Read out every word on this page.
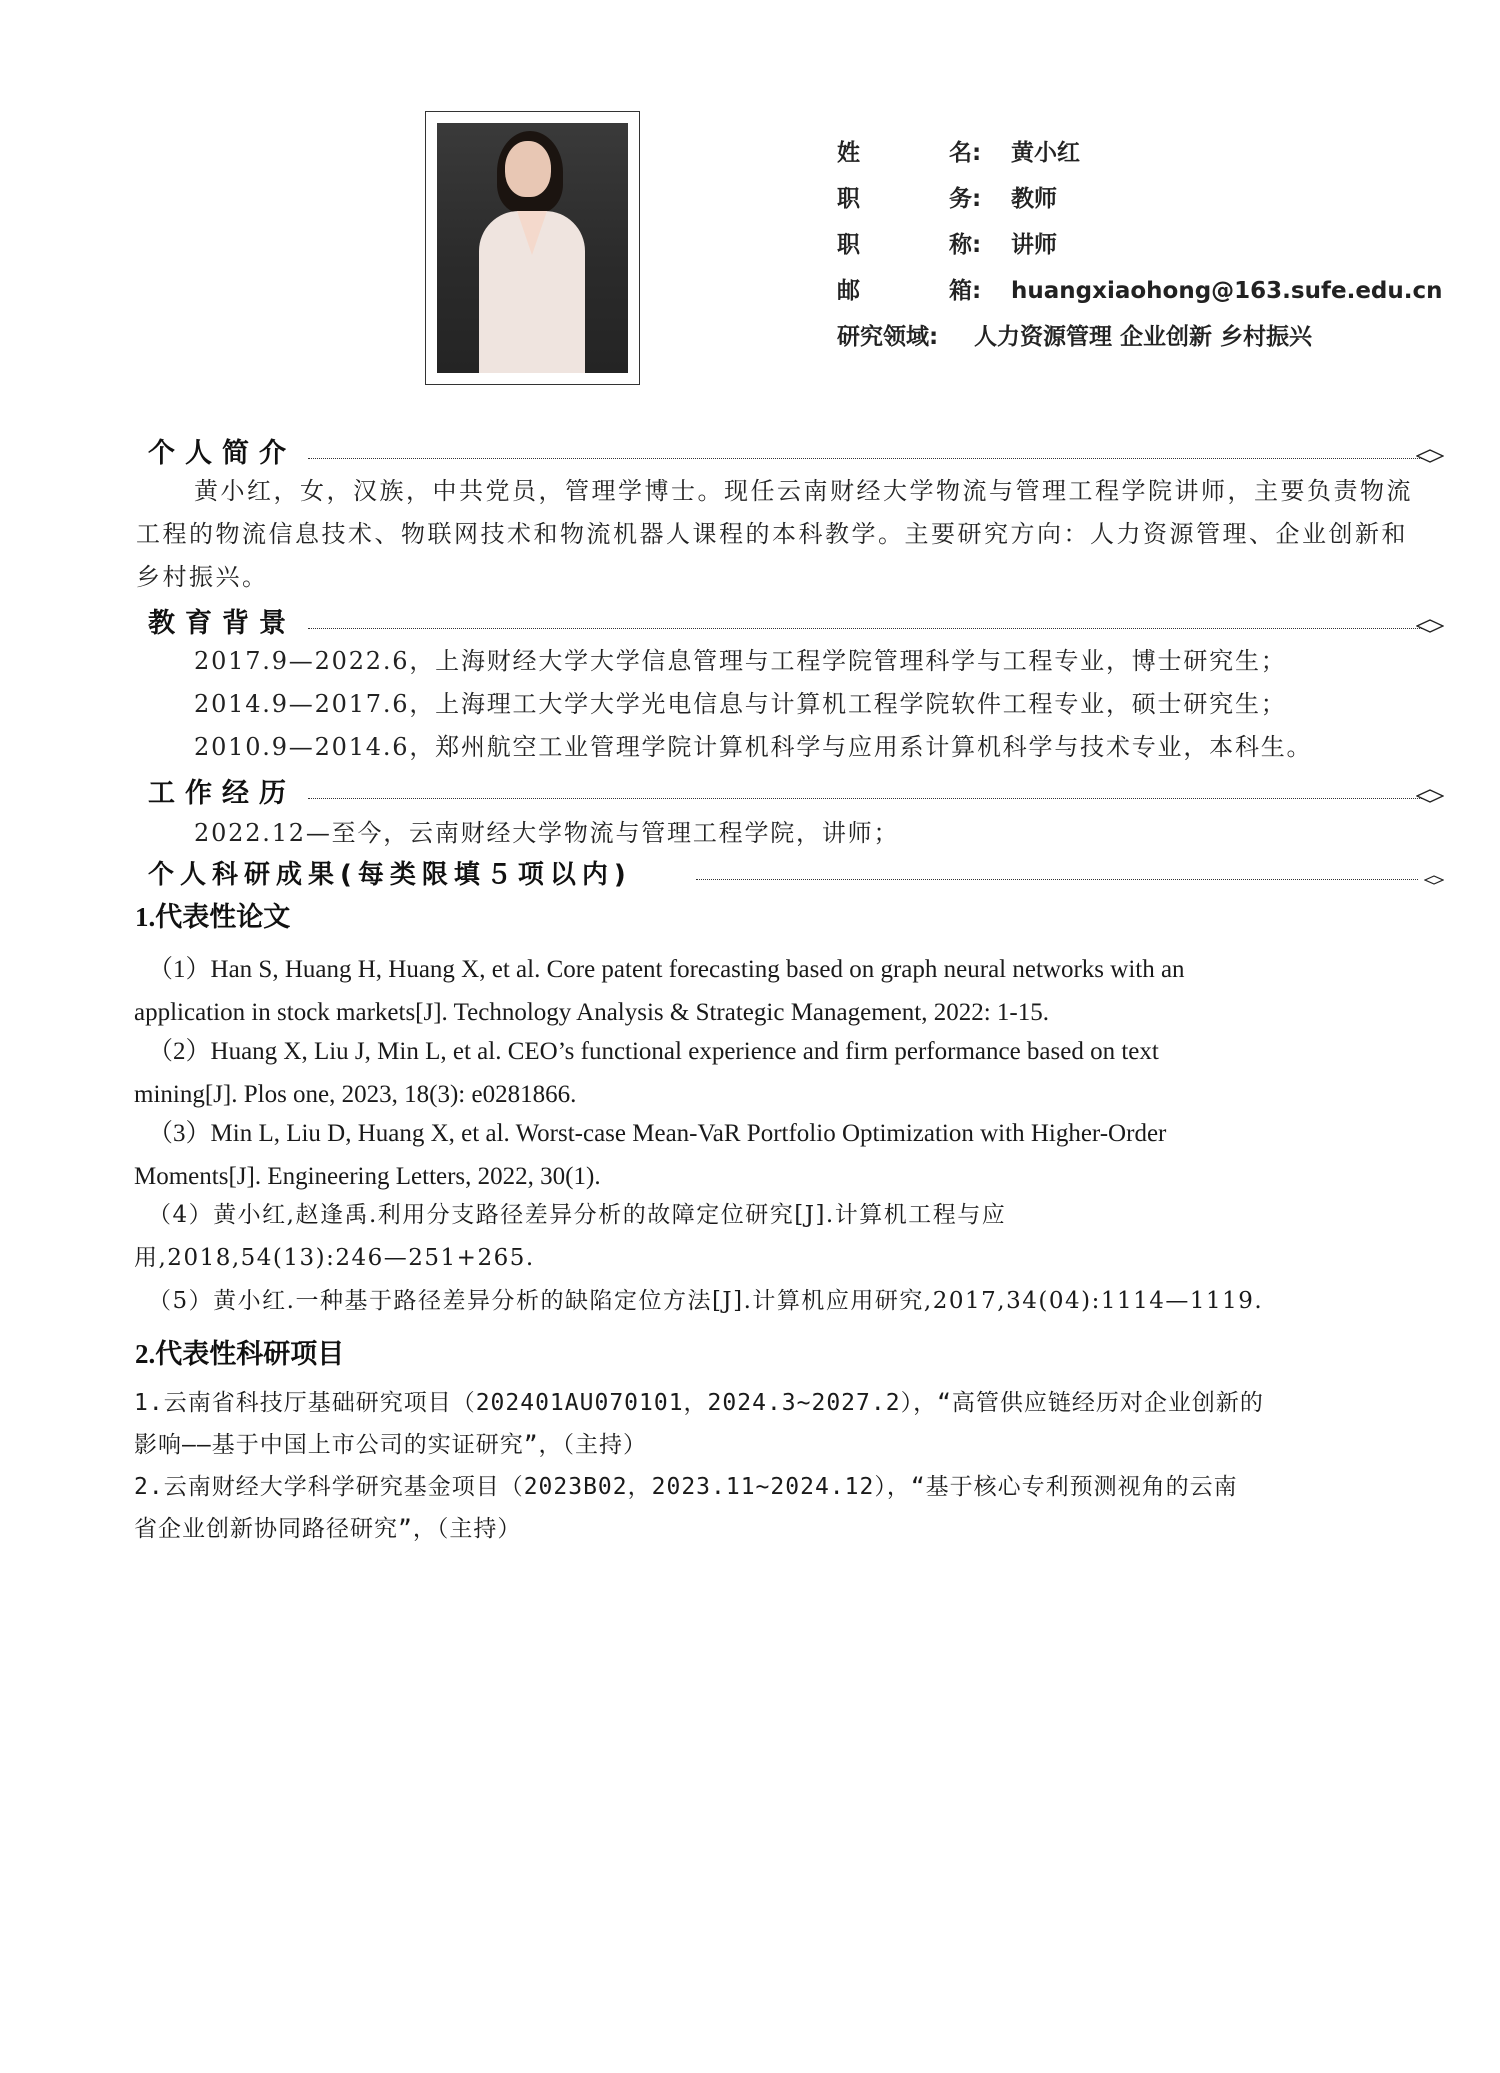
姓	名: 黄小红
职	务: 教师
职	称: 讲师
邮	箱: huangxiaohong@163.sufe.edu.cn
研究领域: 人力资源管理 企业创新 乡村振兴
个人简介
黄小红，女，汉族，中共党员，管理学博士。现任云南财经大学物流与管理工程学院讲师，主要负责物流工程的物流信息技术、物联网技术和物流机器人课程的本科教学。主要研究方向：人力资源管理、企业创新和乡村振兴。
教育背景
2017.9—2022.6，上海财经大学大学信息管理与工程学院管理科学与工程专业，博士研究生；
2014.9—2017.6，上海理工大学大学光电信息与计算机工程学院软件工程专业，硕士研究生；
2010.9—2014.6，郑州航空工业管理学院计算机科学与应用系计算机科学与技术专业，本科生。
工作经历
2022.12—至今，云南财经大学物流与管理工程学院，讲师；
个人科研成果(每类限填５项以内)
1.代表性论文
（1）Han S, Huang H, Huang X, et al. Core patent forecasting based on graph neural networks with an
application in stock markets[J]. Technology Analysis & Strategic Management, 2022: 1-15.
（2）Huang X, Liu J, Min L, et al. CEO’s functional experience and firm performance based on text
mining[J]. Plos one, 2023, 18(3): e0281866.
（3）Min L, Liu D, Huang X, et al. Worst-case Mean-VaR Portfolio Optimization with Higher-Order
Moments[J]. Engineering Letters, 2022, 30(1).
（4）黄小红,赵逢禹.利用分支路径差异分析的故障定位研究[J].计算机工程与应
用,2018,54(13):246—251+265.
（5）黄小红.一种基于路径差异分析的缺陷定位方法[J].计算机应用研究,2017,34(04):1114—1119.
2.代表性科研项目
1.云南省科技厅基础研究项目（202401AU070101，2024.3~2027.2），“高管供应链经历对企业创新的
影响——基于中国上市公司的实证研究”，（主持）
2.云南财经大学科学研究基金项目（2023B02，2023.11~2024.12），“基于核心专利预测视角的云南
省企业创新协同路径研究”，（主持）
